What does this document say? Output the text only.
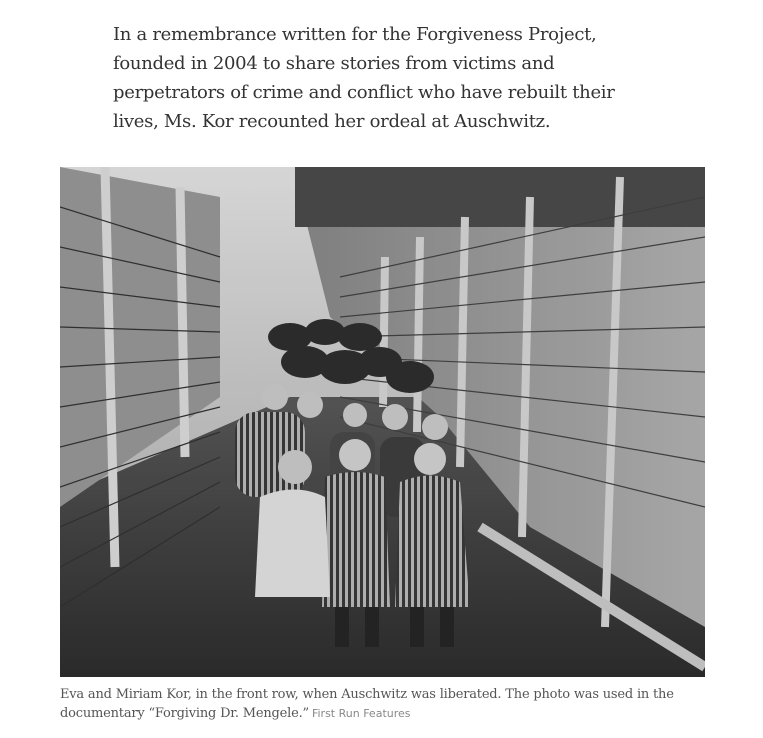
In a remembrance written for the Forgiveness Project, founded in 2004 to share stories from victims and perpetrators of crime and conflict who have rebuilt their lives, Ms. Kor recounted her ordeal at Auschwitz.

Eva and Miriam Kor, in the front row, when Auschwitz was liberated. The photo was used in the documentary “Forgiving Dr. Mengele.” First Run Features
